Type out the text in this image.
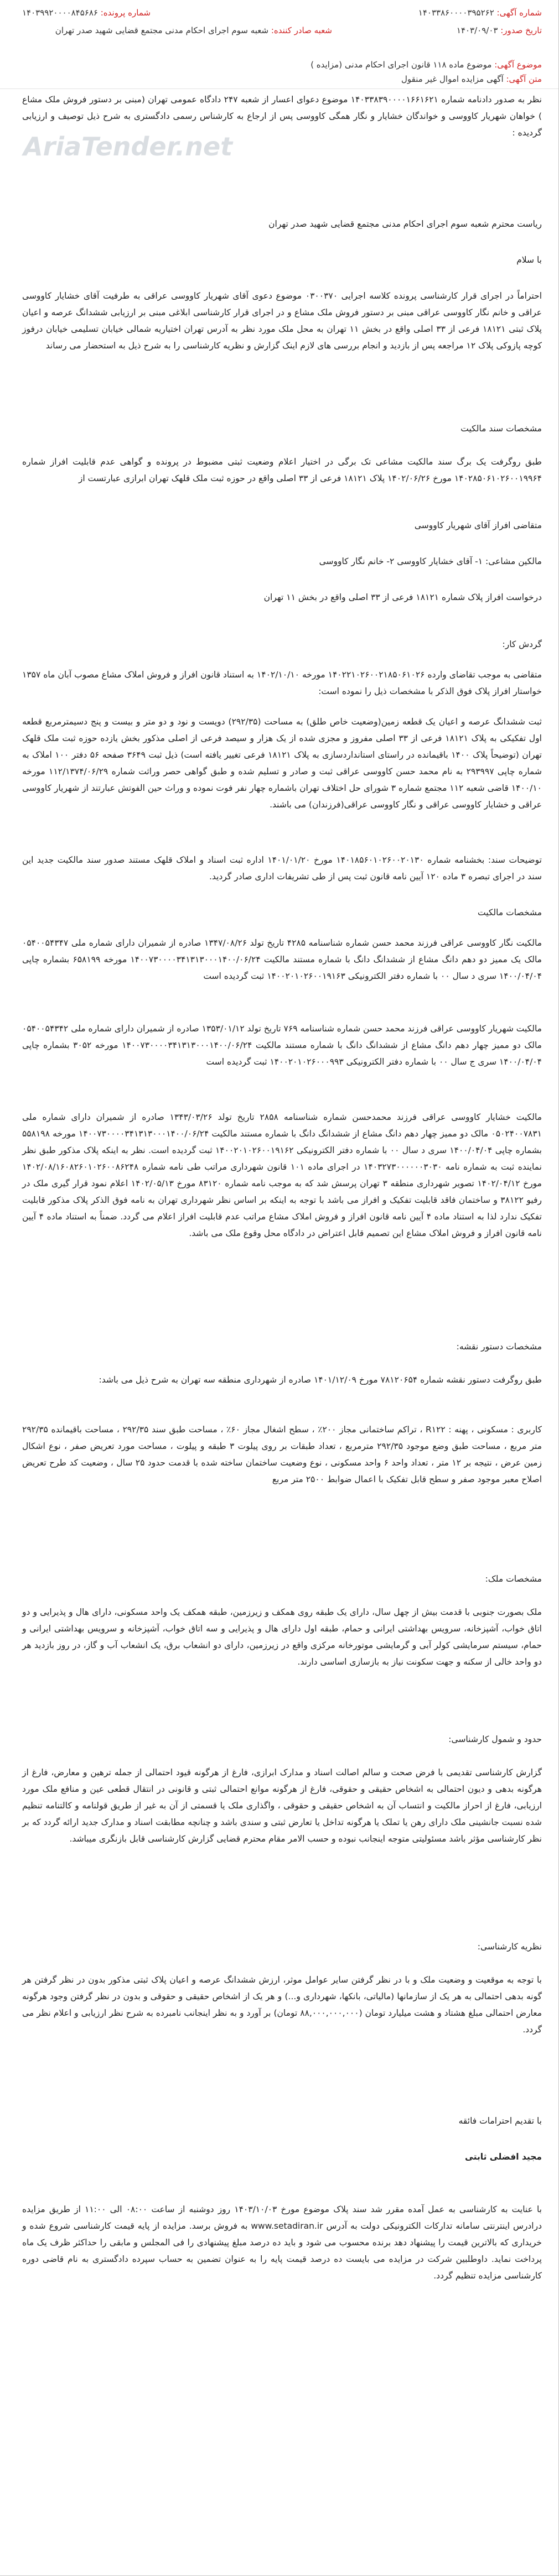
شماره آگهی: ۱۴۰۳۳۸۶۰۰۰۰۳۹۵۲۶۲
شماره پرونده: ۱۴۰۳۹۹۲۰۰۰۰۸۴۵۶۸۶
تاریخ صدور: ۱۴۰۳/۰۹/۰۳
شعبه صادر کننده: شعبه سوم اجرای احکام مدنی مجتمع قضایی شهید صدر تهران
موضوع آگهی: موضوع ماده ۱۱۸ قانون اجرای احکام مدنی (مزایده )
متن آگهی: آگهی مزایده اموال غیر منقول
AriaTender.net
نظر به صدور دادنامه شماره ۱۴۰۳۳۸۳۹۰۰۰۰۱۶۶۱۶۲۱ موضوع دعوای اعسار از شعبه ۲۴۷ دادگاه عمومی تهران (مبنی بر دستور فروش ملک مشاع ) خواهان شهریار کاووسی و خواندگان خشایار و نگار همگی کاووسی پس از ارجاع به کارشناس رسمی دادگستری به شرح ذیل توصیف و ارزیابی گردیده :
ریاست محترم شعبه سوم اجرای احکام مدنی مجتمع قضایی شهید صدر تهران
با سلام
احتراماً در اجرای قرار کارشناسی پرونده کلاسه اجرایی ۰۳۰۰۳۷۰ موضوع دعوی آقای شهریار کاووسی عراقی به طرفیت آقای خشایار کاووسی عراقی و خانم نگار کاووسی عراقی مبنی بر دستور فروش ملک مشاع و در اجرای قرار کارشناسی ابلاغی مبنی بر ارزیابی ششدانگ عرصه و اعیان پلاک ثبتی ۱۸۱۲۱ فرعی از ۳۳ اصلی واقع در بخش ۱۱ تهران به محل ملک مورد نظر به آدرس تهران اختیاریه شمالی خیابان تسلیمی خیابان درفوز کوچه پازوکی پلاک ۱۲ مراجعه پس از بازدید و انجام بررسی های لازم اینک گزارش و نظریه کارشناسی را به شرح ذیل به استحضار می رساند
مشخصات سند مالکیت
طبق روگرفت یک برگ سند مالکیت مشاعی تک برگی در اختیار اعلام وضعیت ثبتی مضبوط در پرونده و گواهی عدم قابلیت افراز شماره ۱۴۰۲۸۵۰۶۱۰۲۶۰۰۱۹۹۶۴ مورخ ۱۴۰۲/۰۶/۲۶ پلاک ۱۸۱۲۱ فرعی از ۳۳ اصلی واقع در حوزه ثبت ملک قلهک تهران ابرازی عبارتست از
متقاضی افراز آقای شهریار کاووسی
مالکین مشاعی: ۱- آقای خشایار کاووسی ۲- خانم نگار کاووسی
درخواست افراز پلاک شماره ۱۸۱۲۱ فرعی از ۳۳ اصلی واقع در بخش ۱۱ تهران
گردش کار:
متقاضی به موجب تقاضای وارده ۱۴۰۲۲۱۰۲۶۰۰۲۱۸۵۰۶۱۰۲۶ مورخه ۱۴۰۲/۱۰/۱۰ به استناد قانون افراز و فروش املاک مشاع مصوب آبان ماه ۱۳۵۷ خواستار افراز پلاک فوق الذکر با مشخصات ذیل را نموده است:
ثبت ششدانگ عرصه و اعیان یک قطعه زمین(وضعیت خاص طلق) به مساحت (۲۹۲/۳۵) دویست و نود و دو متر و بیست و پنج دسیمترمربع قطعه اول تفکیکی به پلاک ۱۸۱۲۱ فرعی از ۳۳ اصلی مفروز و مجزی شده از یک هزار و سیصد فرعی از اصلی مذکور بخش یازده حوزه ثبت ملک قلهک تهران (توضیحاً پلاک ۱۴۰۰ باقیمانده در راستای استانداردسازی به پلاک ۱۸۱۲۱ فرعی تغییر یافته است) ذیل ثبت ۳۶۴۹ صفحه ۵۶ دفتر ۱۰۰ املاک به شماره چاپی ۲۹۳۹۹۷ به نام محمد حسن کاووسی عراقی ثبت و صادر و تسلیم شده و طبق گواهی حصر وراثت شماره ۱۱۲/۱۳۷۴/۰۶/۲۹ مورخه ۱۴۰۰/۱۰ قاضی شعبه ۱۱۲ مجتمع شماره ۳ شورای حل اختلاف تهران باشماره چهار نفر فوت نموده و وراث حین الفوتش عبارتند از شهریار کاووسی عراقی و خشایار کاووسی عراقی و نگار کاووسی عراقی(فرزندان) می باشند.
توضیحات سند: بخشنامه شماره ۱۴۰۱۸۵۶۰۱۰۲۶۰۰۲۰۱۳۰ مورخ ۱۴۰۱/۰۱/۲۰ اداره ثبت اسناد و املاک قلهک مستند صدور سند مالکیت جدید این سند در اجرای تبصره ۳ ماده ۱۲۰ آیین نامه قانون ثبت پس از طی تشریفات اداری صادر گردید.
مشخصات مالکیت
مالکیت نگار کاووسی عراقی فرزند محمد حسن شماره شناسنامه ۴۲۸۵ تاریخ تولد ۱۳۴۷/۰۸/۲۶ صادره از شمیران دارای شماره ملی ۰۵۴۰۰۵۴۳۴۷ مالک یک ممیز دو دهم دانگ مشاع از ششدانگ دانگ با شماره مستند مالکیت ۱۴۰۰۷۳۰۰۰۰۳۴۱۳۱۳۰۰۰۱۴۰۰/۰۶/۲۴ مورخه ۶۵۸۱۹۹ بشماره چاپی ۱۴۰۰/۰۴/۰۴ سری د سال ۰۰ با شماره دفتر الکترونیکی ۱۴۰۰۲۰۱۰۲۶۰۰۱۹۱۶۳ ثبت گردیده است
مالکیت شهریار کاووسی عراقی فرزند محمد حسن شماره شناسنامه ۷۶۹ تاریخ تولد ۱۳۵۳/۰۱/۱۲ صادره از شمیران دارای شماره ملی ۰۵۴۰۰۵۴۳۴۲ مالک دو ممیز چهار دهم دانگ مشاع از ششدانگ دانگ با شماره مستند مالکیت ۱۴۰۰۷۳۰۰۰۰۳۴۱۳۱۳۰۰۰۱۴۰۰/۰۶/۲۴ مورخه ۳۰۵۲ بشماره چاپی ۱۴۰۰/۰۴/۰۴ سری ج سال ۰۰ با شماره دفتر الکترونیکی ۱۴۰۰۲۰۱۰۲۶۰۰۰۹۹۳ ثبت گردیده است
مالکیت خشایار کاووسی عراقی فرزند محمدحسن شماره شناسنامه ۲۸۵۸ تاریخ تولد ۱۳۴۳/۰۳/۲۶ صادره از شمیران دارای شماره ملی ۰۵۰۲۴۰۰۷۸۳۱ مالک دو ممیز چهار دهم دانگ مشاع از ششدانگ دانگ با شماره مستند مالکیت ۱۴۰۰۷۳۰۰۰۰۳۴۱۳۱۳۰۰۰۱۴۰۰/۰۶/۲۴ مورخه ۵۵۸۱۹۸ بشماره چاپی ۱۴۰۰/۰۴/۰۴ سری د سال ۰۰ با شماره دفتر الکترونیکی ۱۴۰۰۲۰۱۰۲۶۰۰۱۹۱۶۲ ثبت گردیده است. نظر به اینکه پلاک مذکور طبق نظر نماینده ثبت به شماره نامه ۱۴۰۳۲۷۳۰۰۰۰۰۰۳۰۳۰ در اجرای ماده ۱۰۱ قانون شهرداری مراتب طی نامه شماره ۱۴۰۲/۰۸/۱۶۰۸۲۶۰۱۰۲۶۰۰۸۶۲۴۸ مورخ ۱۴۰۲/۰۴/۱۲ تصویر شهرداری منطقه ۳ تهران پرسش شد که به موجب نامه شماره ۸۳۱۲۰ مورخ ۱۴۰۲/۰۵/۱۳ اعلام نمود قرار گیری ملک در رفیو ۳۸۱۲۲ و ساختمان فاقد قابلیت تفکیک و افراز می باشد با توجه به اینکه بر اساس نظر شهرداری تهران به نامه فوق الذکر پلاک مذکور قابلیت تفکیک ندارد لذا به استناد ماده ۴ آیین نامه قانون افراز و فروش املاک مشاع مراتب عدم قابلیت افراز اعلام می گردد. ضمناً به استناد ماده ۴ آیین نامه قانون افراز و فروش املاک مشاع این تصمیم قابل اعتراض در دادگاه محل وقوع ملک می باشد.
مشخصات دستور نقشه:
طبق روگرفت دستور نقشه شماره ۷۸۱۲۰۶۵۴ مورخ ۱۴۰۱/۱۲/۰۹ صادره از شهرداری منطقه سه تهران به شرح ذیل می باشد:
کاربری : مسکونی ، پهنه : R۱۲۲ ، تراکم ساختمانی مجاز ۲۰۰٪ ، سطح اشغال مجاز ۶۰٪ ، مساحت طبق سند ۲۹۲/۳۵ ، مساحت باقیمانده ۲۹۲/۳۵ متر مربع ، مساحت طبق وضع موجود ۲۹۲/۳۵ مترمربع ، تعداد طبقات بر روی پیلوت ۳ طبقه و پیلوت ، مساحت مورد تعریض صفر ، نوع اشکال زمین عرض ، نتیجه بر ۱۲ متر ، تعداد واحد ۶ واحد مسکونی ، نوع وضعیت ساختمان ساخته شده با قدمت حدود ۲۵ سال ، وضعیت کد طرح تعریض اصلاح معبر موجود صفر و سطح قابل تفکیک با اعمال ضوابط ۲۵۰۰ متر مربع
مشخصات ملک:
ملک بصورت جنوبی با قدمت بیش از چهل سال، دارای یک طبقه روی همکف و زیرزمین، طبقه همکف یک واحد مسکونی، دارای هال و پذیرایی و دو اتاق خواب، آشپزخانه، سرویس بهداشتی ایرانی و حمام، طبقه اول دارای هال و پذیرایی و سه اتاق خواب، آشپزخانه و سرویس بهداشتی ایرانی و حمام، سیستم سرمایشی کولر آبی و گرمایشی موتورخانه مرکزی واقع در زیرزمین، دارای دو انشعاب برق، یک انشعاب آب و گاز، در روز بازدید هر دو واحد خالی از سکنه و جهت سکونت نیاز به بازسازی اساسی دارند.
حدود و شمول کارشناسی:
گزارش کارشناسی تقدیمی با فرض صحت و سالم اصالت اسناد و مدارک ابرازی، فارغ از هرگونه قیود احتمالی از جمله ترهین و معارض، فارغ از هرگونه بدهی و دیون احتمالی به اشخاص حقیقی و حقوقی، فارغ از هرگونه موانع احتمالی ثبتی و قانونی در انتقال قطعی عین و منافع ملک مورد ارزیابی، فارغ از احراز مالکیت و انتساب آن به اشخاص حقیقی و حقوقی ، واگذاری ملک یا قسمتی از آن به غیر از طریق قولنامه و کالتنامه تنظیم شده نسبت جانشینی ملک دارای رهن یا تملک یا هرگونه تداخل یا تعارض ثبتی و سندی باشد و چنانچه مطابقت اسناد و مدارک جدید ارائه گردد که بر نظر کارشناسی مؤثر باشد مسئولیتی متوجه اینجانب نبوده و حسب الامر مقام محترم قضایی گزارش کارشناسی قابل بازنگری میباشد.
نظریه کارشناسی:
با توجه به موقعیت و وضعیت ملک و با در نظر گرفتن سایر عوامل موثر، ارزش ششدانگ عرصه و اعیان پلاک ثبتی مذکور بدون در نظر گرفتن هر گونه بدهی احتمالی به هر یک از سازمانها (مالیاتی، بانکها، شهرداری و...) و هر یک از اشخاص حقیقی و حقوقی و بدون در نظر گرفتن وجود هرگونه معارض احتمالی مبلغ هشتاد و هشت میلیارد تومان (۸۸,۰۰۰,۰۰۰,۰۰۰ تومان) بر آورد و به نظر اینجانب نامبرده به شرح نظر ارزیابی و اعلام نظر می گردد.
با تقدیم احترامات فائقه
مجید افضلی ثابتی
با عنایت به کارشناسی به عمل آمده مقرر شد سند پلاک موضوع مورخ ۱۴۰۳/۱۰/۰۳ روز دوشنبه از ساعت ۰۸:۰۰ الی ۱۱:۰۰ از طریق مزایده درادرس اینترنتی سامانه تدارکات الکترونیکی دولت به آدرس www.setadiran.ir به فروش برسد. مزایده از پایه قیمت کارشناسی شروع شده و خریداری که بالاترین قیمت را پیشنهاد دهد برنده محسوب می شود و باید ده درصد مبلغ پیشنهادی را فی المجلس و مابقی را حداکثر ظرف یک ماه پرداخت نماید. داوطلبین شرکت در مزایده می بایست ده درصد قیمت پایه را به عنوان تضمین به حساب سپرده دادگستری به نام قاضی دوره کارشناسی مزایده تنظیم گردد.
